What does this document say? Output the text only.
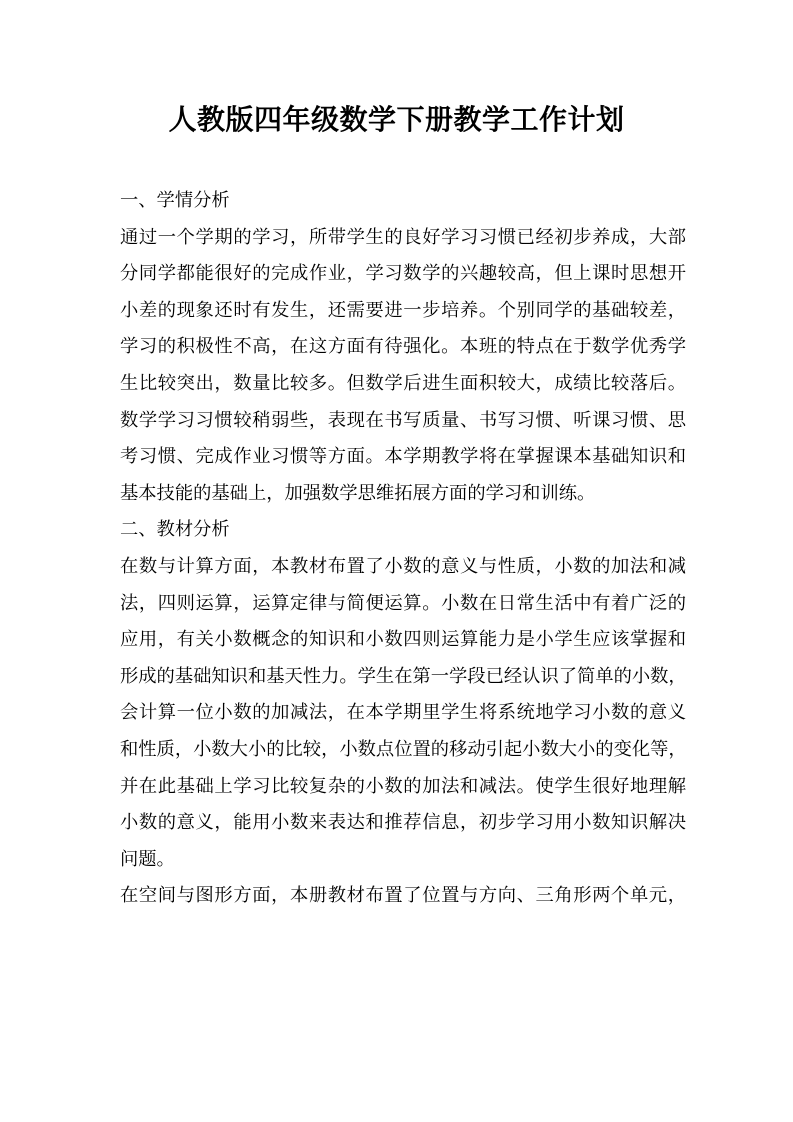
人教版四年级数学下册教学工作计划
一、学情分析
通过一个学期的学习，所带学生的良好学习习惯已经初步养成，大部
分同学都能很好的完成作业，学习数学的兴趣较高，但上课时思想开
小差的现象还时有发生，还需要进一步培养。个别同学的基础较差，
学习的积极性不高，在这方面有待强化。本班的特点在于数学优秀学
生比较突出，数量比较多。但数学后进生面积较大，成绩比较落后。
数学学习习惯较稍弱些，表现在书写质量、书写习惯、听课习惯、思
考习惯、完成作业习惯等方面。本学期教学将在掌握课本基础知识和
基本技能的基础上，加强数学思维拓展方面的学习和训练。
二、教材分析
在数与计算方面，本教材布置了小数的意义与性质，小数的加法和减
法，四则运算，运算定律与简便运算。小数在日常生活中有着广泛的
应用，有关小数概念的知识和小数四则运算能力是小学生应该掌握和
形成的基础知识和基天性力。学生在第一学段已经认识了简单的小数，
会计算一位小数的加减法，在本学期里学生将系统地学习小数的意义
和性质，小数大小的比较，小数点位置的移动引起小数大小的变化等，
并在此基础上学习比较复杂的小数的加法和减法。使学生很好地理解
小数的意义，能用小数来表达和推荐信息，初步学习用小数知识解决
问题。
在空间与图形方面，本册教材布置了位置与方向、三角形两个单元，
